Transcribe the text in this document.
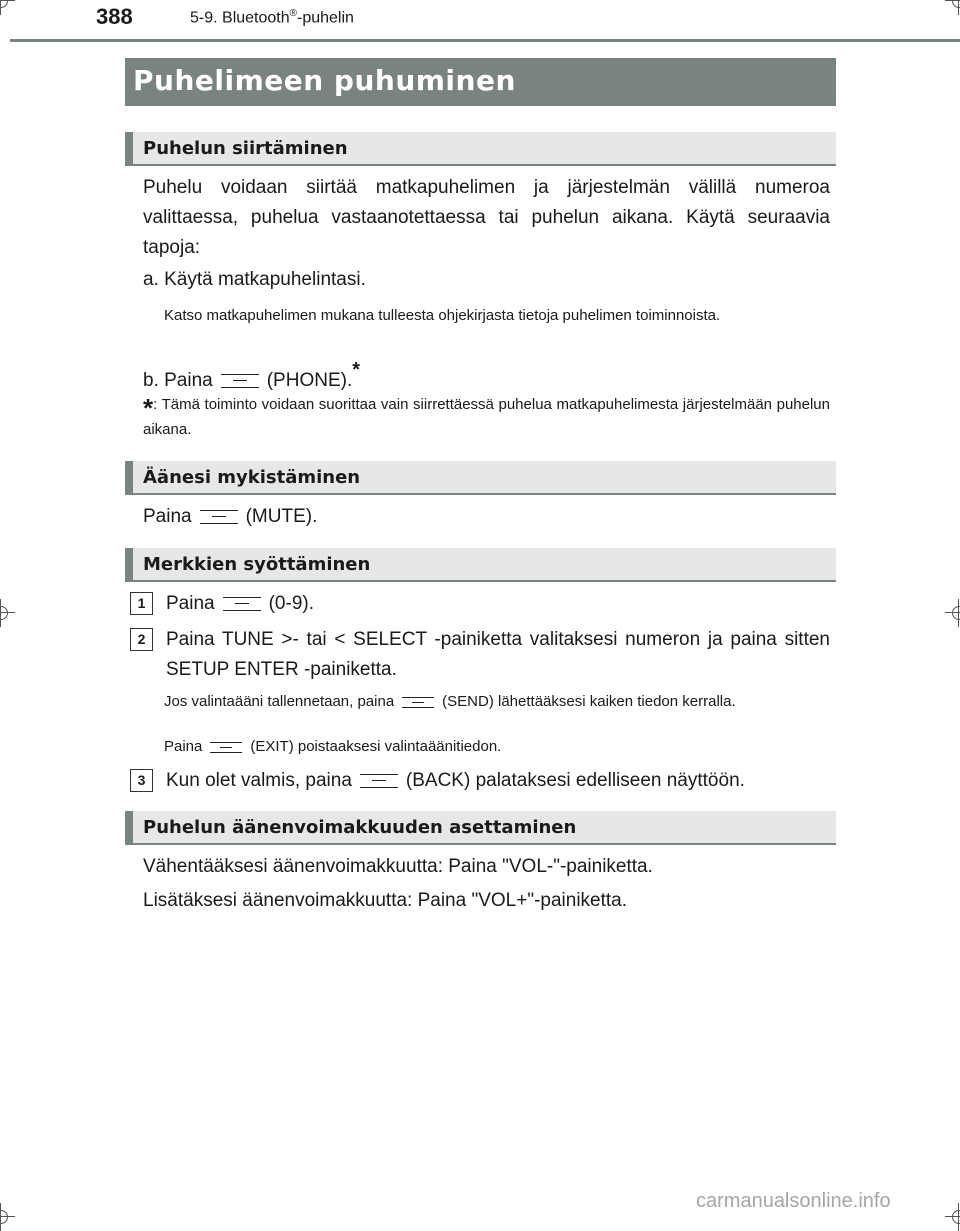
388	5-9. Bluetooth®-puhelin
Puhelimeen puhuminen
Puhelun siirtäminen
Puhelu voidaan siirtää matkapuhelimen ja järjestelmän välillä numeroa valittaessa, puhelua vastaanotettaessa tai puhelun aikana. Käytä seuraavia tapoja:
a. Käytä matkapuhelintasi.
Katso matkapuhelimen mukana tulleesta ohjekirjasta tietoja puhelimen toiminnoista.
b. Paina	(PHONE).*
*: Tämä toiminto voidaan suorittaa vain siirrettäessä puhelua matkapuhelimesta järjestelmään puhelun aikana.
Äänesi mykistäminen
Paina	(MUTE).
Merkkien syöttäminen
1	Paina	(0-9).
2	Paina TUNE >- tai < SELECT -painiketta valitaksesi numeron ja paina sitten SETUP ENTER -painiketta.
Jos valintaääni tallennetaan, paina	(SEND) lähettääksesi kaiken tiedon kerralla.
Paina	(EXIT) poistaaksesi valintaäänitiedon.
3	Kun olet valmis, paina	(BACK) palataksesi edelliseen näyttöön.
Puhelun äänenvoimakkuuden asettaminen
Vähentääksesi äänenvoimakkuutta: Paina "VOL-"-painiketta.
Lisätäksesi äänenvoimakkuutta: Paina "VOL+"-painiketta.
carmanualsonline.info
